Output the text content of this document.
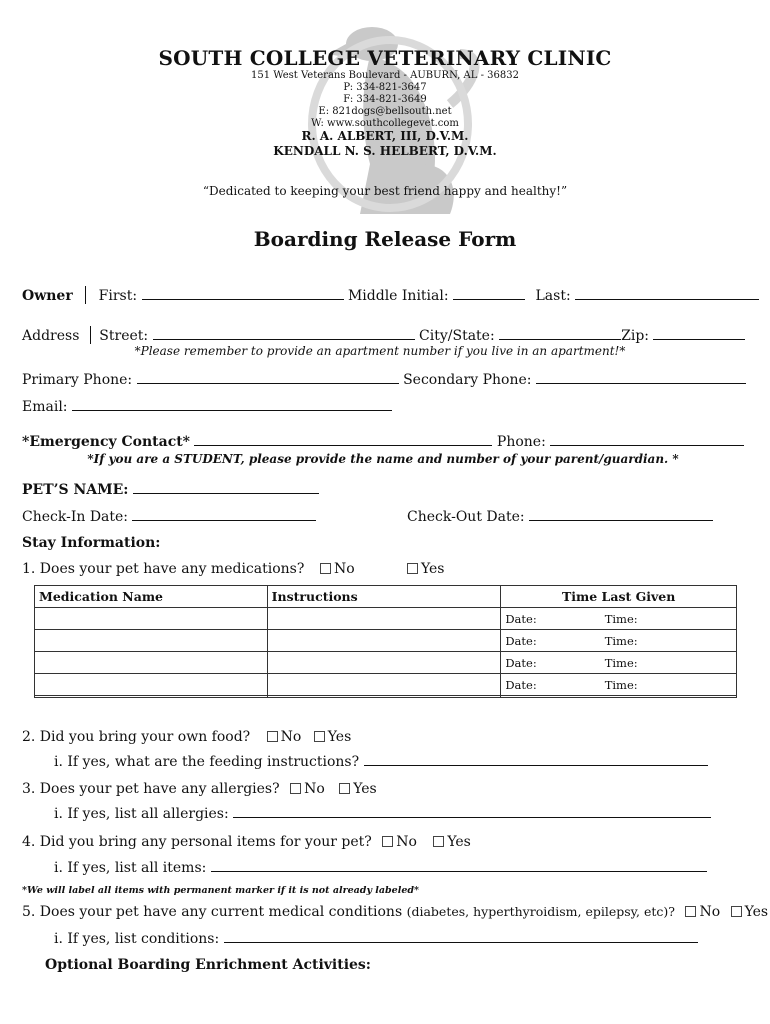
SOUTH COLLEGE VETERINARY CLINIC
151 West Veterans Boulevard - AUBURN, AL - 36832
P: 334-821-3647
F: 334-821-3649
E: 821dogs@bellsouth.net
W: www.southcollegevet.com
R. A. ALBERT, III, D.V.M.
KENDALL N. S. HELBERT, D.V.M.
“Dedicated to keeping your best friend happy and healthy!”
Boarding Release Form
Owner First:	Middle Initial:	Last:
Address Street:	City/State:	Zip:
*Please remember to provide an apartment number if you live in an apartment!*
Primary Phone:	Secondary Phone:
Email:
*Emergency Contact*	Phone:
*If you are a STUDENT, please provide the name and number of your parent/guardian. *
PET’S NAME:
Check-In Date:	Check-Out Date:
Stay Information:
1. Does your pet have any medications?	No	Yes
Medication Name	Instructions	Time Last Given	
		Date:	Time:
		Date:	Time:
		Date:	Time:
		Date:	Time:

2. Did you bring your own food? No Yes
i. If yes, what are the feeding instructions?
3. Does your pet have any allergies? No Yes
i. If yes, list all allergies:
4. Did you bring any personal items for your pet? No Yes
i. If yes, list all items:
*We will label all items with permanent marker if it is not already labeled*
5. Does your pet have any current medical conditions (diabetes, hyperthyroidism, epilepsy, etc)? No Yes
i. If yes, list conditions:
Optional Boarding Enrichment Activities:
